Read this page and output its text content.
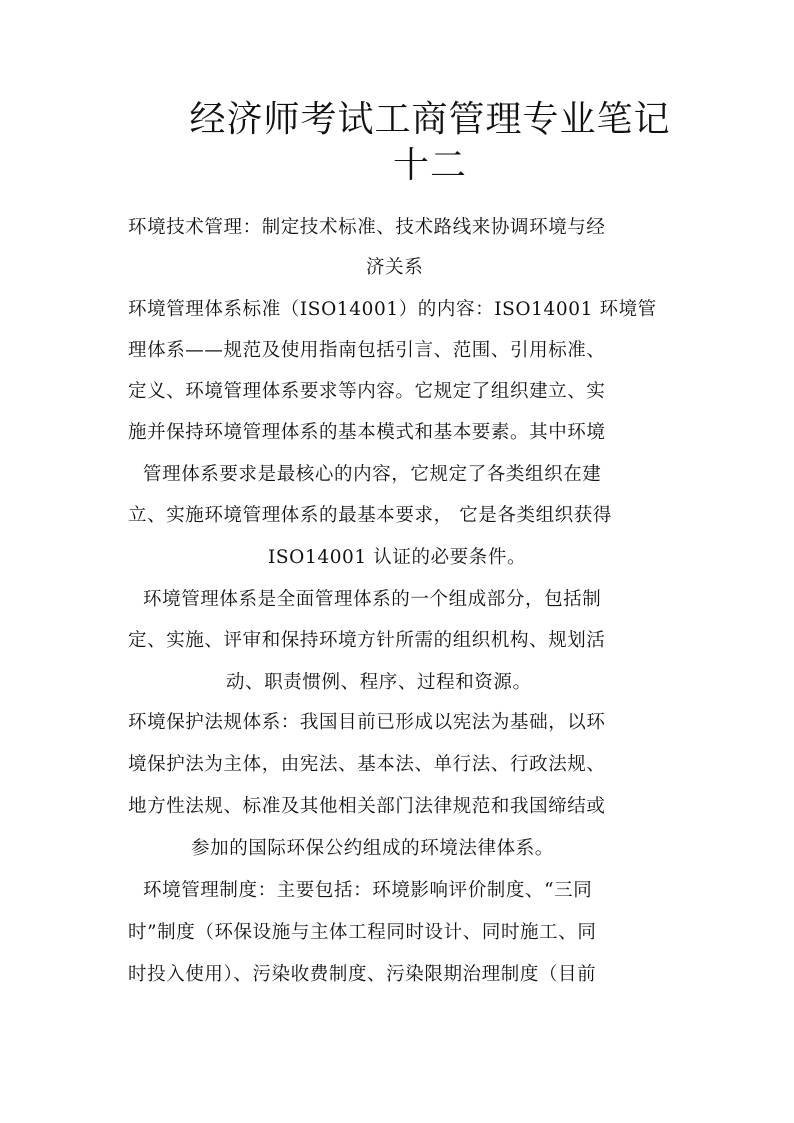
经济师考试工商管理专业笔记
十二

环境技术管理：制定技术标准、技术路线来协调环境与经

济关系

环境管理体系标准（ISO14001）的内容：ISO14001 环境管

理体系——规范及使用指南包括引言、范围、引用标准、

定义、环境管理体系要求等内容。它规定了组织建立、实

施并保持环境管理体系的基本模式和基本要素。其中环境

管理体系要求是最核心的内容，它规定了各类组织在建

立、实施环境管理体系的最基本要求， 它是各类组织获得

ISO14001 认证的必要条件。

环境管理体系是全面管理体系的一个组成部分，包括制

定、实施、评审和保持环境方针所需的组织机构、规划活

动、职责惯例、程序、过程和资源。

环境保护法规体系：我国目前已形成以宪法为基础，以环

境保护法为主体，由宪法、基本法、单行法、行政法规、

地方性法规、标准及其他相关部门法律规范和我国缔结或

参加的国际环保公约组成的环境法律体系。

环境管理制度：主要包括：环境影响评价制度、“三同

时”制度（环保设施与主体工程同时设计、同时施工、同

时投入使用）、污染收费制度、污染限期治理制度（目前
